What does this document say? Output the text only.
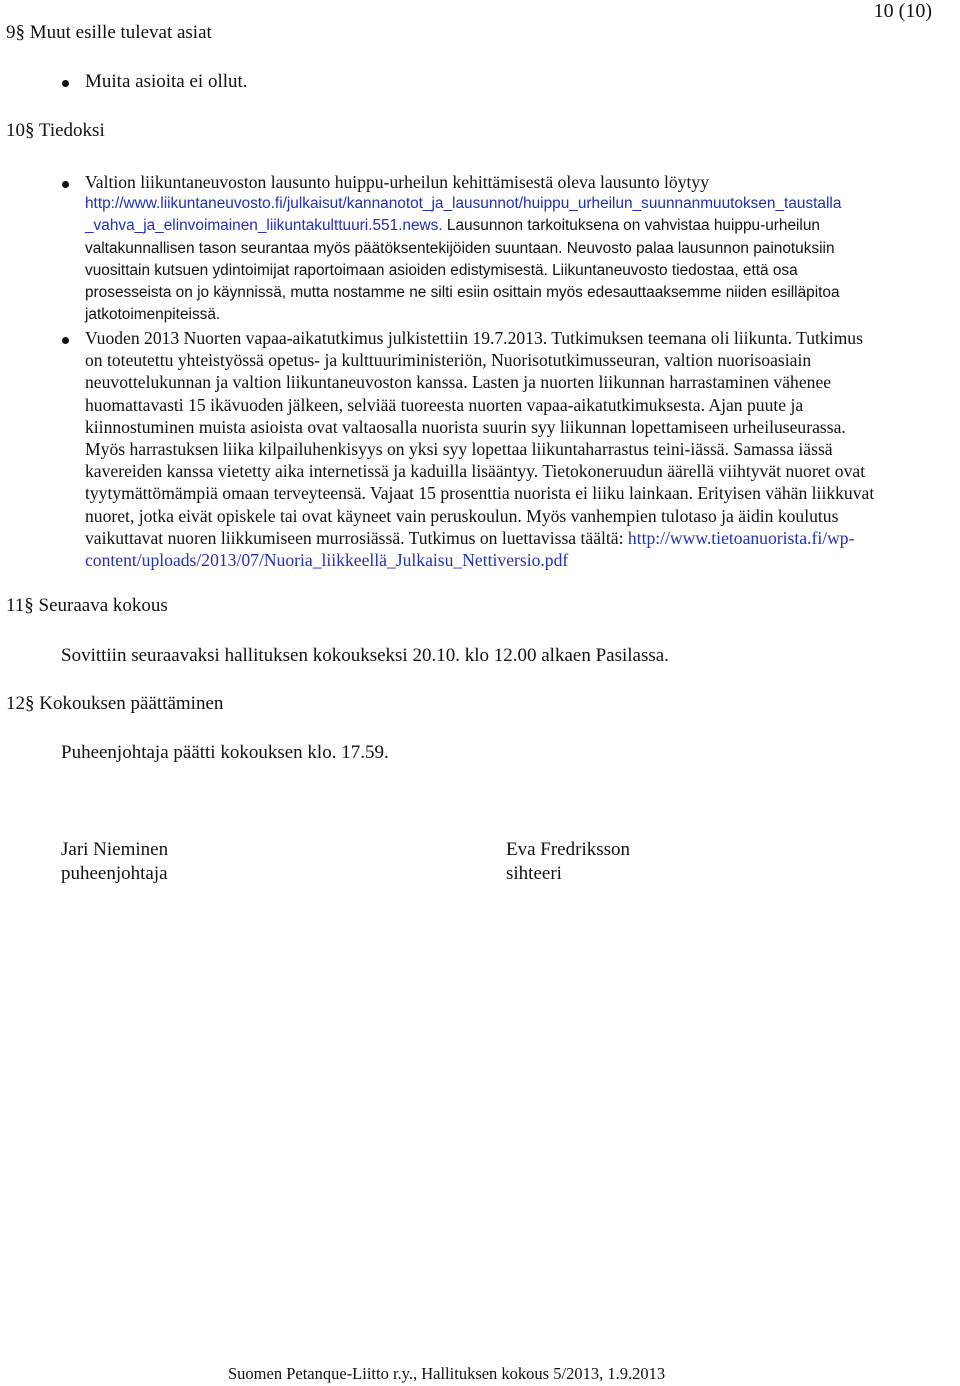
10 (10)
9§ Muut esille tulevat asiat
Muita asioita ei ollut.
10§ Tiedoksi
Valtion liikuntaneuvoston lausunto huippu-urheilun kehittämisestä oleva lausunto löytyy
http://www.liikuntaneuvosto.fi/julkaisut/kannanotot_ja_lausunnot/huippu_urheilun_suunnanmuutoksen_taustalla
_vahva_ja_elinvoimainen_liikuntakulttuuri.551.news. Lausunnon tarkoituksena on vahvistaa huippu-urheilun
valtakunnallisen tason seurantaa myös päätöksentekijöiden suuntaan. Neuvosto palaa lausunnon painotuksiin
vuosittain kutsuen ydintoimijat raportoimaan asioiden edistymisestä. Liikuntaneuvosto tiedostaa, että osa
prosesseista on jo käynnissä, mutta nostamme ne silti esiin osittain myös edesauttaaksemme niiden esilläpitoa
jatkotoimenpiteissä.
Vuoden 2013 Nuorten vapaa-aikatutkimus julkistettiin 19.7.2013. Tutkimuksen teemana oli liikunta. Tutkimus
on toteutettu yhteistyössä opetus- ja kulttuuriministeriön, Nuorisotutkimusseuran, valtion nuorisoasiain
neuvottelukunnan ja valtion liikuntaneuvoston kanssa. Lasten ja nuorten liikunnan harrastaminen vähenee
huomattavasti 15 ikävuoden jälkeen, selviää tuoreesta nuorten vapaa-aikatutkimuksesta. Ajan puute ja
kiinnostuminen muista asioista ovat valtaosalla nuorista suurin syy liikunnan lopettamiseen urheiluseurassa.
Myös harrastuksen liika kilpailuhenkisyys on yksi syy lopettaa liikuntaharrastus teini-iässä. Samassa iässä
kavereiden kanssa vietetty aika internetissä ja kaduilla lisääntyy. Tietokoneruudun äärellä viihtyvät nuoret ovat
tyytymättömämpiä omaan terveyteensä. Vajaat 15 prosenttia nuorista ei liiku lainkaan. Erityisen vähän liikkuvat
nuoret, jotka eivät opiskele tai ovat käyneet vain peruskoulun. Myös vanhempien tulotaso ja äidin koulutus
vaikuttavat nuoren liikkumiseen murrosiässä. Tutkimus on luettavissa täältä: http://www.tietoanuorista.fi/wp-
content/uploads/2013/07/Nuoria_liikkeellä_Julkaisu_Nettiversio.pdf
11§ Seuraava kokous
Sovittiin seuraavaksi hallituksen kokoukseksi 20.10. klo 12.00 alkaen Pasilassa.
12§ Kokouksen päättäminen
Puheenjohtaja päätti kokouksen klo. 17.59.
Jari Nieminen
puheenjohtaja
Eva Fredriksson
sihteeri
Suomen Petanque-Liitto r.y., Hallituksen kokous 5/2013, 1.9.2013
